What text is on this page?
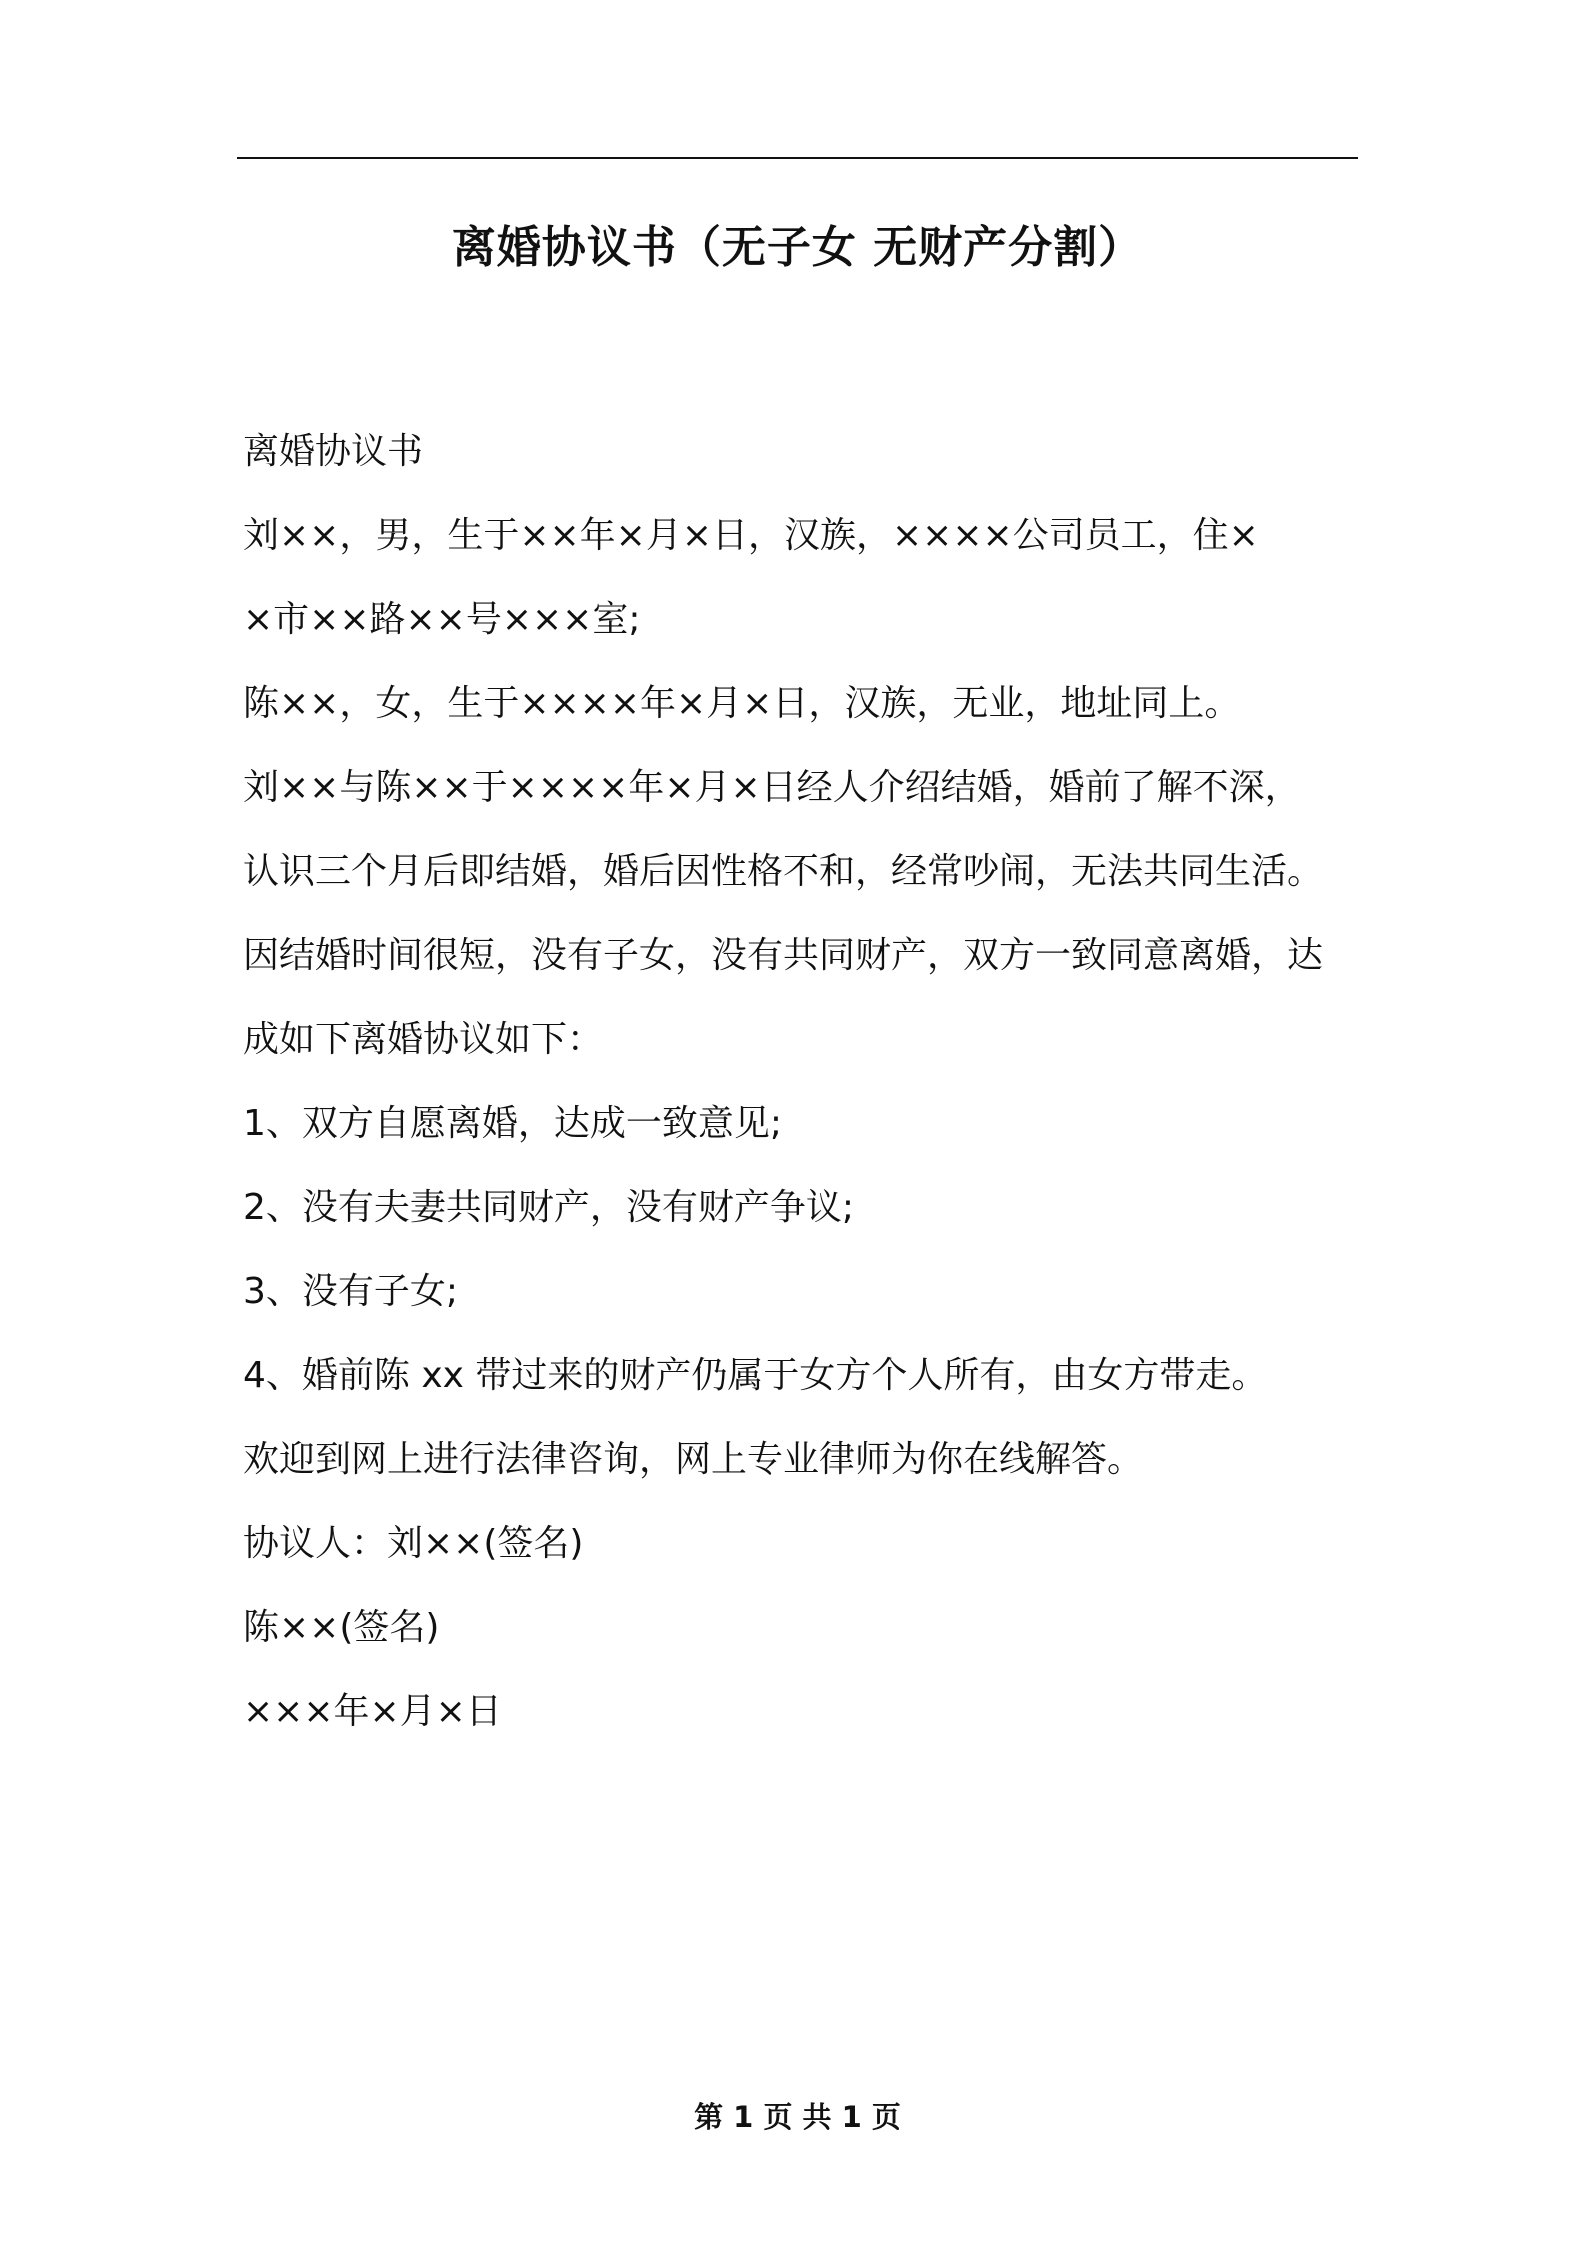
离婚协议书（无子女 无财产分割）
离婚协议书
刘××，男，生于××年×月×日，汉族，××××公司员工，住×
×市××路××号×××室;
陈××，女，生于××××年×月×日，汉族，无业，地址同上。
刘××与陈××于××××年×月×日经人介绍结婚，婚前了解不深，
认识三个月后即结婚，婚后因性格不和，经常吵闹，无法共同生活。
因结婚时间很短，没有子女，没有共同财产，双方一致同意离婚，达
成如下离婚协议如下：
1、双方自愿离婚，达成一致意见;
2、没有夫妻共同财产，没有财产争议;
3、没有子女;
4、婚前陈 xx 带过来的财产仍属于女方个人所有，由女方带走。
欢迎到网上进行法律咨询，网上专业律师为你在线解答。
协议人：刘××(签名)
陈××(签名)
×××年×月×日
第 1 页 共 1 页
